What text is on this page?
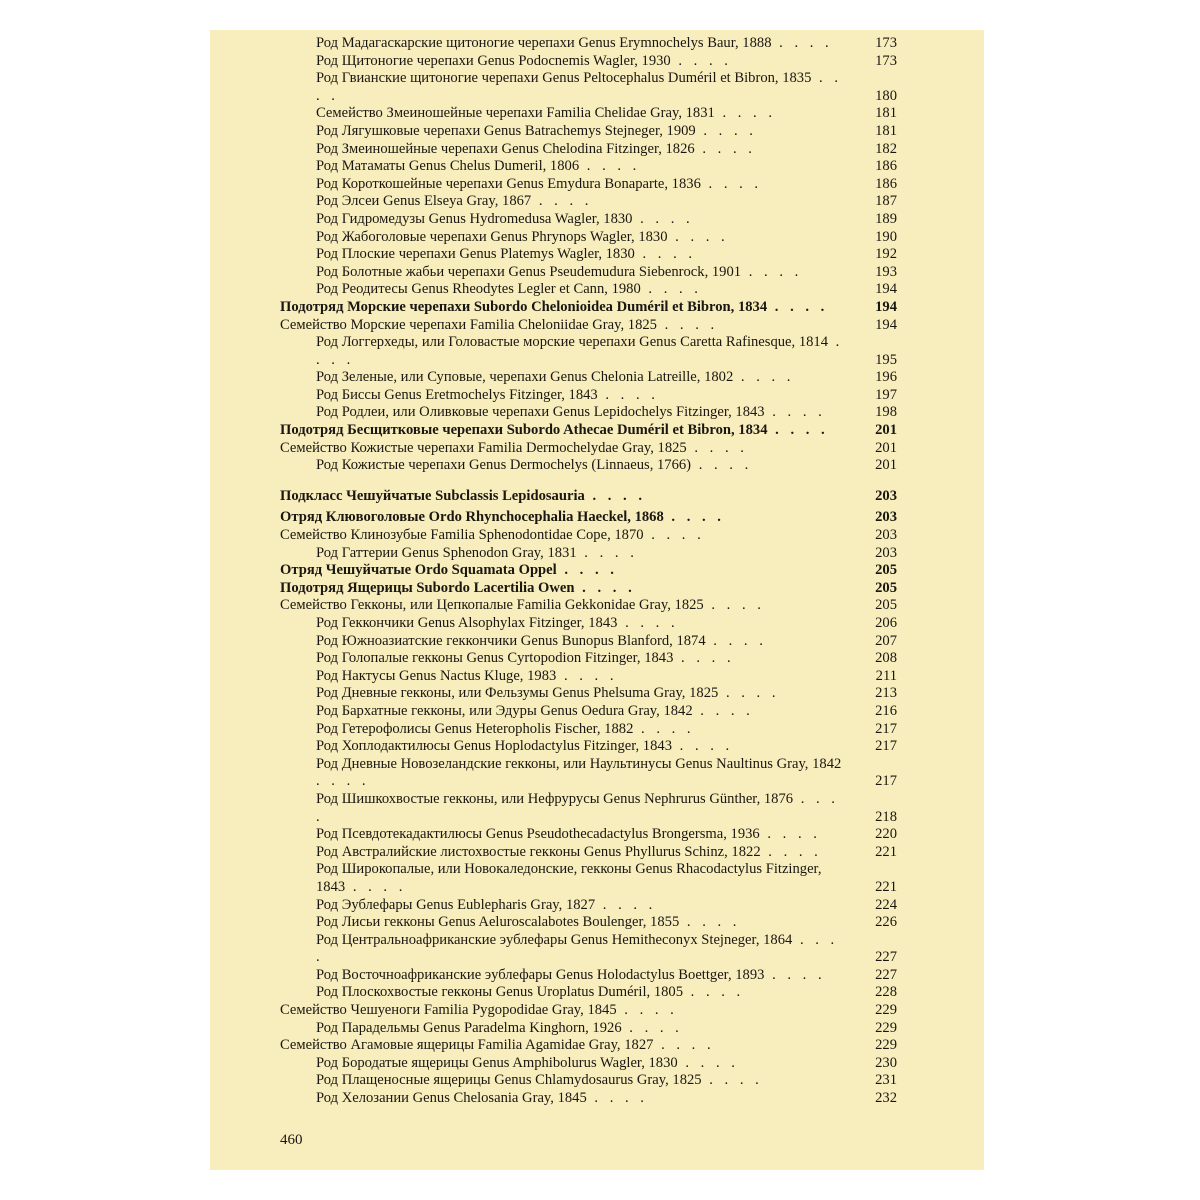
Род Мадагаскарские щитоногие черепахи Genus Erymnochelys Baur, 1888 . . . .	173
Род Щитоногие черепахи Genus Podocnemis Wagler, 1930 . . . .	173
Род Гвианские щитоногие черепахи Genus Peltocephalus Duméril et Bibron, 1835 . . . .	180
Семейство Змеиношейные черепахи Familia Chelidae Gray, 1831 . . . .	181
Род Лягушковые черепахи Genus Batrachemys Stejneger, 1909 . . . .	181
Род Змеиношейные черепахи Genus Chelodina Fitzinger, 1826 . . . .	182
Род Матаматы Genus Chelus Dumeril, 1806 . . . .	186
Род Короткошейные черепахи Genus Emydura Bonaparte, 1836 . . . .	186
Род Элсеи Genus Elseya Gray, 1867 . . . .	187
Род Гидромедузы Genus Hydromedusa Wagler, 1830 . . . .	189
Род Жабоголовые черепахи Genus Phrynops Wagler, 1830 . . . .	190
Род Плоские черепахи Genus Platemys Wagler, 1830 . . . .	192
Род Болотные жабьи черепахи Genus Pseudemudura Siebenrock, 1901 . . . .	193
Род Реодитесы Genus Rheodytes Legler et Cann, 1980 . . . .	194
Подотряд Морские черепахи Subordo Chelonioidea Duméril et Bibron, 1834 . . . .	194
Семейство Морские черепахи Familia Cheloniidae Gray, 1825 . . . .	194
Род Логгерхеды, или Головастые морские черепахи Genus Caretta Rafinesque, 1814 . . . .	195
Род Зеленые, или Суповые, черепахи Genus Chelonia Latreille, 1802 . . . .	196
Род Биссы Genus Eretmochelys Fitzinger, 1843 . . . .	197
Род Родлеи, или Оливковые черепахи Genus Lepidochelys Fitzinger, 1843 . . . .	198
Подотряд Бесщитковые черепахи Subordo Athecae Duméril et Bibron, 1834 . . . .	201
Семейство Кожистые черепахи Familia Dermochelydae Gray, 1825 . . . .	201
Род Кожистые черепахи Genus Dermochelys (Linnaeus, 1766) . . . .	201
Подкласс Чешуйчатые Subclassis Lepidosauria . . . .	203
Отряд Клювоголовые Ordo Rhynchocephalia Haeckel, 1868 . . . .	203
Семейство Клинозубые Familia Sphenodontidae Cope, 1870 . . . .	203
Род Гаттерии Genus Sphenodon Gray, 1831 . . . .	203
Отряд Чешуйчатые Ordo Squamata Oppel . . . .	205
Подотряд Ящерицы Subordo Lacertilia Owen . . . .	205
Семейство Гекконы, или Цепкопалые Familia Gekkonidae Gray, 1825 . . . .	205
Род Геккончики Genus Alsophylax Fitzinger, 1843 . . . .	206
Род Южноазиатские геккончики Genus Bunopus Blanford, 1874 . . . .	207
Род Голопалые гекконы Genus Cyrtopodion Fitzinger, 1843 . . . .	208
Род Нактусы Genus Nactus Kluge, 1983 . . . .	211
Род Дневные гекконы, или Фельзумы Genus Phelsuma Gray, 1825 . . . .	213
Род Бархатные гекконы, или Эдуры Genus Oedura Gray, 1842 . . . .	216
Род Гетерофолисы Genus Heteropholis Fischer, 1882 . . . .	217
Род Хоплодактилюсы Genus Hoplodactylus Fitzinger, 1843 . . . .	217
Род Дневные Новозеландские гекконы, или Наультинусы Genus Naultinus Gray, 1842 . . . .	217
Род Шишкохвостые гекконы, или Нефрурусы Genus Nephrurus Günther, 1876 . . . .	218
Род Псевдотекадактилюсы Genus Pseudothecadactylus Brongersma, 1936 . . . .	220
Род Австралийские листохвостые гекконы Genus Phyllurus Schinz, 1822 . . . .	221
Род Широкопалые, или Новокаледонские, гекконы Genus Rhacodactylus Fitzinger, 1843 . . . .	221
Род Эублефары Genus Eublepharis Gray, 1827 . . . .	224
Род Лисьи гекконы Genus Aeluroscalabotes Boulenger, 1855 . . . .	226
Род Центральноафриканские эублефары Genus Hemitheconyx Stejneger, 1864 . . . .	227
Род Восточноафриканские эублефары Genus Holodactylus Boettger, 1893 . . . .	227
Род Плоскохвостые гекконы Genus Uroplatus Duméril, 1805 . . . .	228
Семейство Чешуеноги Familia Pygopodidae Gray, 1845 . . . .	229
Род Парадельмы Genus Paradelma Kinghorn, 1926 . . . .	229
Семейство Агамовые ящерицы Familia Agamidae Gray, 1827 . . . .	229
Род Бородатые ящерицы Genus Amphibolurus Wagler, 1830 . . . .	230
Род Плащеносные ящерицы Genus Chlamydosaurus Gray, 1825 . . . .	231
Род Хелозании Genus Chelosania Gray, 1845 . . . .	232
460
